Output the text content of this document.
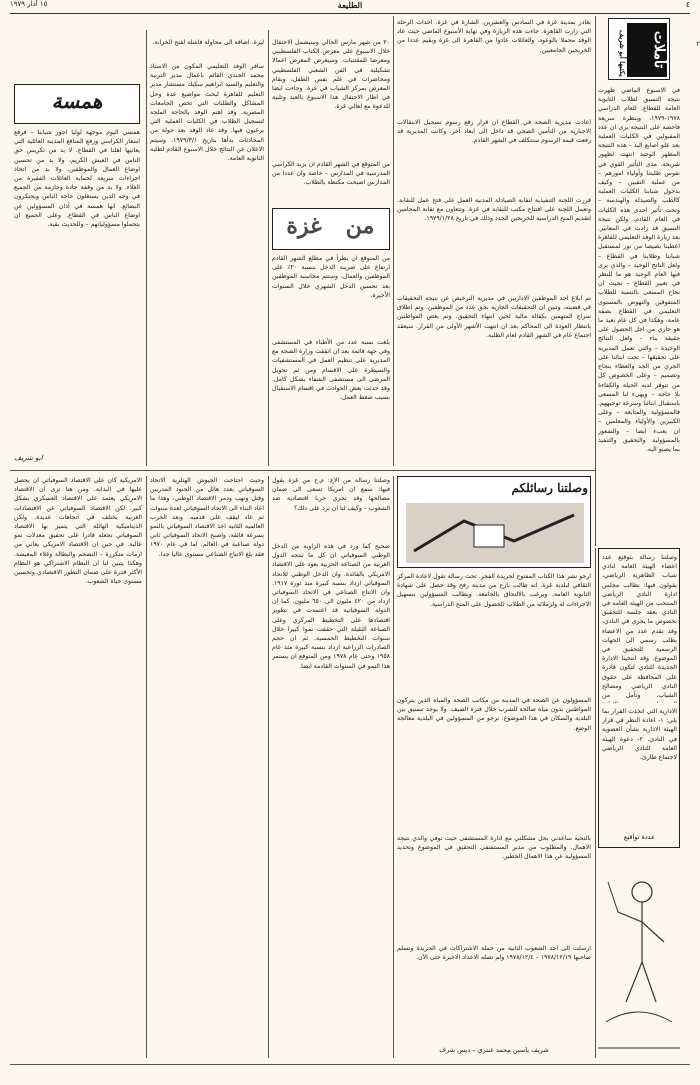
٤
الطليعة
١٥ آذار ١٩٧٩
٢
تأملات
يكتبها أبو شريف
في الاسبوع الماضي ظهرت نتيجة التسيق لطلاب الثانوية العامة للقطاع. للعام الدراسي ١٩٧٨-١٩٧٩، وبنظرة سريعة فاحصة على النتيجة يرى ان عدد المقبولين في الكليات العملية بعد علو اصابع اليد – هذه النتيجة المظهر الوحيد انتهت لظهور شريحة. مدى التأثير القوي في نفوس طلبتنا وأولياء امورهم – من عملية التقبين – وكيف بدخول شبابنا الكليات العملية كالطب والصيدلة والهندسة – وتحت تأثير احدى هذه الكليات في العام القادم، ولكن نتيجة التسيق قد زادت في المعايير. بعد زيارة الوفد التعليمي للقاهرة اعطينا بصيصا من نور لمستقبل شبابنا وطلابنا في القطاع – ولعل الناتج الوحيد – والذي يرى فيها العام الوحيد هو ما للنظر في تغيير القطاع – بحيث ان نجاح المسعى بالنسبة للطلاب المتفوقين والنهوض بالمستوى التعليمي في القطاع بصفة عامة. وهكذا في كل عام نعيد ما هو جاري من اجل الحصول على حقيقة بناء – ولعل النتائج الوحيدة – والتي تعمل المديرية على تحقيقها – تحت ابنائنا على الجري من الجد والعطاء بنجاح وتصميم – وعلى الخصوص كل من تتوفر لديه الحيلة والكفاءة بلا حاجة – ويهيء لنا المسعى باستقبال ابنائنا وسرعة توجيههم. فالمسؤولية والمتابعة – وعلى الكبيرين والأولياء والمعلمين – ان بعبء ايضا – والشعور بالمسؤولية والتحقيق والتنفيذ بما يصبو اليه.
بغادر بمدينة غزة في السادس والعشرين. الشارة في غزة. احداث الرحلة التي زارت القاهرة. جاءت هذه الزيارة وفي نهاية الأسبوع الماضي حيث عاد الوفد محملا بالوعود. والعائلات عادوا من القاهرة الى غزة وبقيم عددا من الخريجين الجامعيين.
اعادت مديرية الصحة في القطاع ان قرار رفع رسوم تسجيل الانتقالات الاجبارية من التأمين الصحي قد داخل الى ابعاد آخر. وكانت المديرية قد رفعت قيمة الرسوم سنتكلف في الشهر القادم.
قررت اللجنة التنفيذية لنقابة الصيادلة المدنية العمل على فتح عمل للنقابة. وتعمل اللجنة على افتتاح مكتب للنقابة في غزة. وتتعاون مع نقابة المحامين لتقديم المنح الدراسية للخريجين الجدد وذلك في تاريخ ١٩٧٩/١/٢٨.
تم ابلاغ احد الموظفين الاداريين في مديرية الترخيص عن نتيجة التحقيقات في قضيته، وتبين ان التحقيقات الجارية بحق عدد من الموظفين. وتم اطلاق سراح المتهمين بكفالة مالية لحين انتهاء التحقيق. ونم بعض المواطنين بانتظار العودة الى المحاكم بعد ان انتهت الأشهر الأولى من القرار. سيعقد اجتماع عام في الشهر القادم لعام الطلبة.
٢٠ من شهر مارس الحالي وسيشمل الاحتفال خلال الاسبوع على معرض الكتاب الفلسطيني ومعرضا للمقتنيات. وسيعرض المعرض اعمالا تشكيلية في الفن الشعبي الفلسطيني ومحاضرات في علم نفس الطفل، ويقام المعرض بمركز الشباب في غزة. وجاءت ايضا في اطار الاحتفال هذا الاسبوع بالعيد وتلبية للدعوة مع اهالي غزة.
من المتوقع في الشهر القادم ان يزيد الكراسي المدرسية في المدارس – خاصة وان عددا من المدارس اصبحت مكتظة بالطلاب.
من
غزة
من المتوقع ان يطرأ في مطلع الشهر القادم ارتفاع على ضريبة الدخل بنسبة ٢٠٪ على الموظفين والعمال، وستتم محاسبة الموظفين بعد تحسين الدخل الشهري خلال السنوات الأخيرة.
بلغت نسبة عدد من الأطباء في المستشفى وفي جهة قائمة بعد ان اتفقت وزارة الصحة مع المديرية على تنظيم العمل في المستشفيات والسيطرة على الاقسام ومن ثم تحويل المرضى الى مستشفى الشفاء بشكل كامل. وقد حدثت بعض الحوادث في اقسام الاستقبال بسبب ضغط العمل.
ليرة. اضافة الى محاولة فاشلة لفتح الخزانة.
سافر الوفد التعليمي المكون من الاستاذ محمد الجندي القائم باعمال مدير التربية والتعليم والسيد ابراهيم سكيك مستشار مدير التعليم للقاهرة لبحث مواضيع عدة وحل المشاكل والطلبات التي تخص الجامعات المصرية. وقد اهتم الوفد بالحاجة الملحة لتسجيل الطلاب في الكليات العملية التي يرغبون فيها. وقد عاد الوفد بعد جولة من المحادثات بدأها بتاريخ ١٩٧٩/٣/١. وسيتم الاعلان عن النتائج خلال الاسبوع القادم لطلبة الثانوية العامة.
همسة
همسي اليوم موجهة لوليا اجور شبابنا – فرفع اسعار الكراسي ورفع المنافع المدينة العائلية التي يعانيها اهلنا في القطاع. لا بد من تكريس حق الناس في العيش الكريم، ولا بد من تحسين اوضاع العمال والموظفين، ولا بد من اتخاذ اجراءات سريعة لحماية العائلات الفقيرة من الغلاء. ولا بد من وقفة جادة وحازمة من الجميع في وجه الذين يستغلون حاجة الناس ويحتكرون البضائع. انها همسة في آذان المسؤولين عن اوضاع الناس في القطاع. وعلى الجميع ان يتحملوا مسؤولياتهم – وللحديث بقية.
ابو شريف
وصلتنا رسالة بتوقيع عدد اعضاء الهيئة العامة لنادي شباب الظاهرية الرياضي، يقولون فيها: نطالب مجلس ادارة النادي الرياضي المنتخب من الهيئة العامة في النادي بعقد جلسة للتحقيق بخصوص ما يجري في النادي، وقد تقدم عدد من الاعضاء بطلب رسمي الى الجهات الرسمية للتحقيق في الموضوع. وقد انتخبنا الادارة الجديدة للنادي لتكون قادرة على المحافظة على حقوق النادي الرياضي ومصالح الشباب. ونأمل من
الادارية التي اتخذت القرار بما يلي: ١- اعادة النظر في قرار الهيئة الادارية بشأن العضوية في النادي. ٢- دعوة الهيئة العامة للنادي الرياضي لاجتماع طارئ.
عددة تواقيع
وصلتنا رسائلكم
ارجو نشر هذا الكتاب المفتوح لجريدة الفجر. تحت رسالة تقول لاعادة المركز الثقافي لبلدية غزة. انه طالب نازح من مدينة رفح وقد حصل على شهادة الثانوية العامة. ويرغب بالالتحاق بالجامعة. ويطالب المسؤولين بتسهيل الاجراءات له ولزملائه من الطلاب للحصول على المنح الدراسية.
المسؤولون عن الصحة في المدينة من مكاتب الصحة والمياه الذين يتركون المواطنين بدون مياه صالحة للشرب خلال فترة الصيف. ولا يوجد تنسيق بين البلدية والسكان في هذا الموضوع. نرجو من المسؤولين في البلدية معالجة الوضع.
بالتحية ساعدني بحل مشكلتي مع ادارة المستشفى حيث توفي والدي نتيجة الاهمال. والمطلوب من مدير المستشفى التحقيق في الموضوع وتحديد المسؤولية عن هذا الاهمال الخطير.
ارسلت الى احد الشعوب الثانية من حملة الاشتراكات في الجريدة وتسلم صاحبها ١٩٧٨/١٢/١٩ – ١٩٧٨/١٢/٤ ولم تصله الاعداد الاخيرة حتى الآن.
شريف ياسين محمد عنتري – ديس شرف
وصلتنا رسالة من الاخ: م.ح من غزة يقول فيها: سمع ان امريكا تسعى الى ضمان مصالحها وقد تجري حربا اقتصادية ضد الشعوب – وكيف لنا ان نرد على ذلك؟
صحيح كما ورد في هذه الزاوية من الدخل الوطني السوفياتي ان كل ما تنتجه الدول الغربية من الصناعة الحربية يعود على الاقتصاد الامريكي بالفائدة. وان الدخل الوطني للاتحاد السوفياتي ازداد بنسبة كبيرة منذ ثورة ١٩١٧. وان الانتاج الصناعي في الاتحاد السوفياتي ازداد من ٤٢٠ مليون الى ٦٥٠ مليون. كما ان الدولة السوفياتية قد اعتمدت في تطوير اقتصادها على التخطيط المركزي وعلى الصناعة الثقيلة التي حققت نموا كبيرا خلال سنوات التخطيط الخمسية. ثم ان حجم الصادرات الزراعية ازداد بنسبة كبيرة منذ عام ١٩٥٨ وحتى عام ١٩٧٨ ومن المتوقع ان يستمر هذا النمو في السنوات القادمة ايضا.
وحيث اجتاحت الجيوش الهتلرية الاتحاد السوفياتي بعدد هائل من الجنود المدربين وقتل ونهب ودمر الاقتصاد الوطني، وهذا ما اعاد البناء الى الاتحاد السوفياتي لعدة سنوات ثم عاد ليقف على قدميه. وبعد الحرب العالمية الثانية اخذ الاقتصاد السوفياتي بالنمو بسرعة فائقة، واصبح الاتحاد السوفياتي ثاني دولة صناعية في العالم. اما في عام ١٩٧٠ فقد بلغ الانتاج الصناعي مستوى عاليا جدا.
الامريكية كان على الاقتصاد السوفياتي ان يحصل عليها في البداية. ومن هنا نرى ان الاقتصاد الامريكي يعتمد على الاقتصاد العسكري بشكل كبير. لكن الاقتصاد السوفياتي عن الاقتصادات الغربية يختلف في اتجاهات عديدة. ولكن الديناميكية الهائلة التي يتميز بها الاقتصاد السوفياتي تجعله قادرا على تحقيق معدلات نمو عالية. في حين ان الاقتصاد الامريكي يعاني من ازمات متكررة – التضخم والبطالة وغلاء المعيشة. وهكذا يتبين لنا ان النظام الاشتراكي هو النظام الأكثر قدرة على ضمان التطور الاقتصادي وتحسين مستوى حياة الشعوب.
